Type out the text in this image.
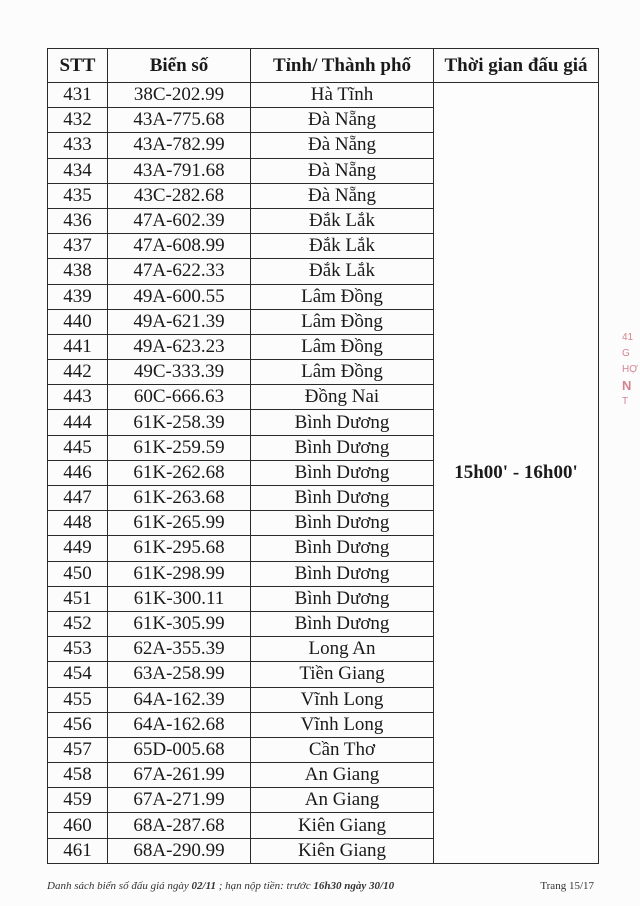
STT	Biển số	Tỉnh/ Thành phố	Thời gian đấu giá
431	38C-202.99	Hà Tĩnh	15h00' - 16h00'
432	43A-775.68	Đà Nẵng	
433	43A-782.99	Đà Nẵng	
434	43A-791.68	Đà Nẵng	
435	43C-282.68	Đà Nẵng	
436	47A-602.39	Đắk Lắk	
437	47A-608.99	Đắk Lắk	
438	47A-622.33	Đắk Lắk	
439	49A-600.55	Lâm Đồng	
440	49A-621.39	Lâm Đồng	
441	49A-623.23	Lâm Đồng	
442	49C-333.39	Lâm Đồng	
443	60C-666.63	Đồng Nai	
444	61K-258.39	Bình Dương	
445	61K-259.59	Bình Dương	
446	61K-262.68	Bình Dương	
447	61K-263.68	Bình Dương	
448	61K-265.99	Bình Dương	
449	61K-295.68	Bình Dương	
450	61K-298.99	Bình Dương	
451	61K-300.11	Bình Dương	
452	61K-305.99	Bình Dương	
453	62A-355.39	Long An	
454	63A-258.99	Tiền Giang	
455	64A-162.39	Vĩnh Long	
456	64A-162.68	Vĩnh Long	
457	65D-005.68	Cần Thơ	
458	67A-261.99	An Giang	
459	67A-271.99	An Giang	
460	68A-287.68	Kiên Giang	
461	68A-290.99	Kiên Giang	
Danh sách biển số đấu giá ngày 02/11 ; hạn nộp tiền: trước 16h30 ngày 30/10	Trang 15/17
41
G
HỢ
N
T
